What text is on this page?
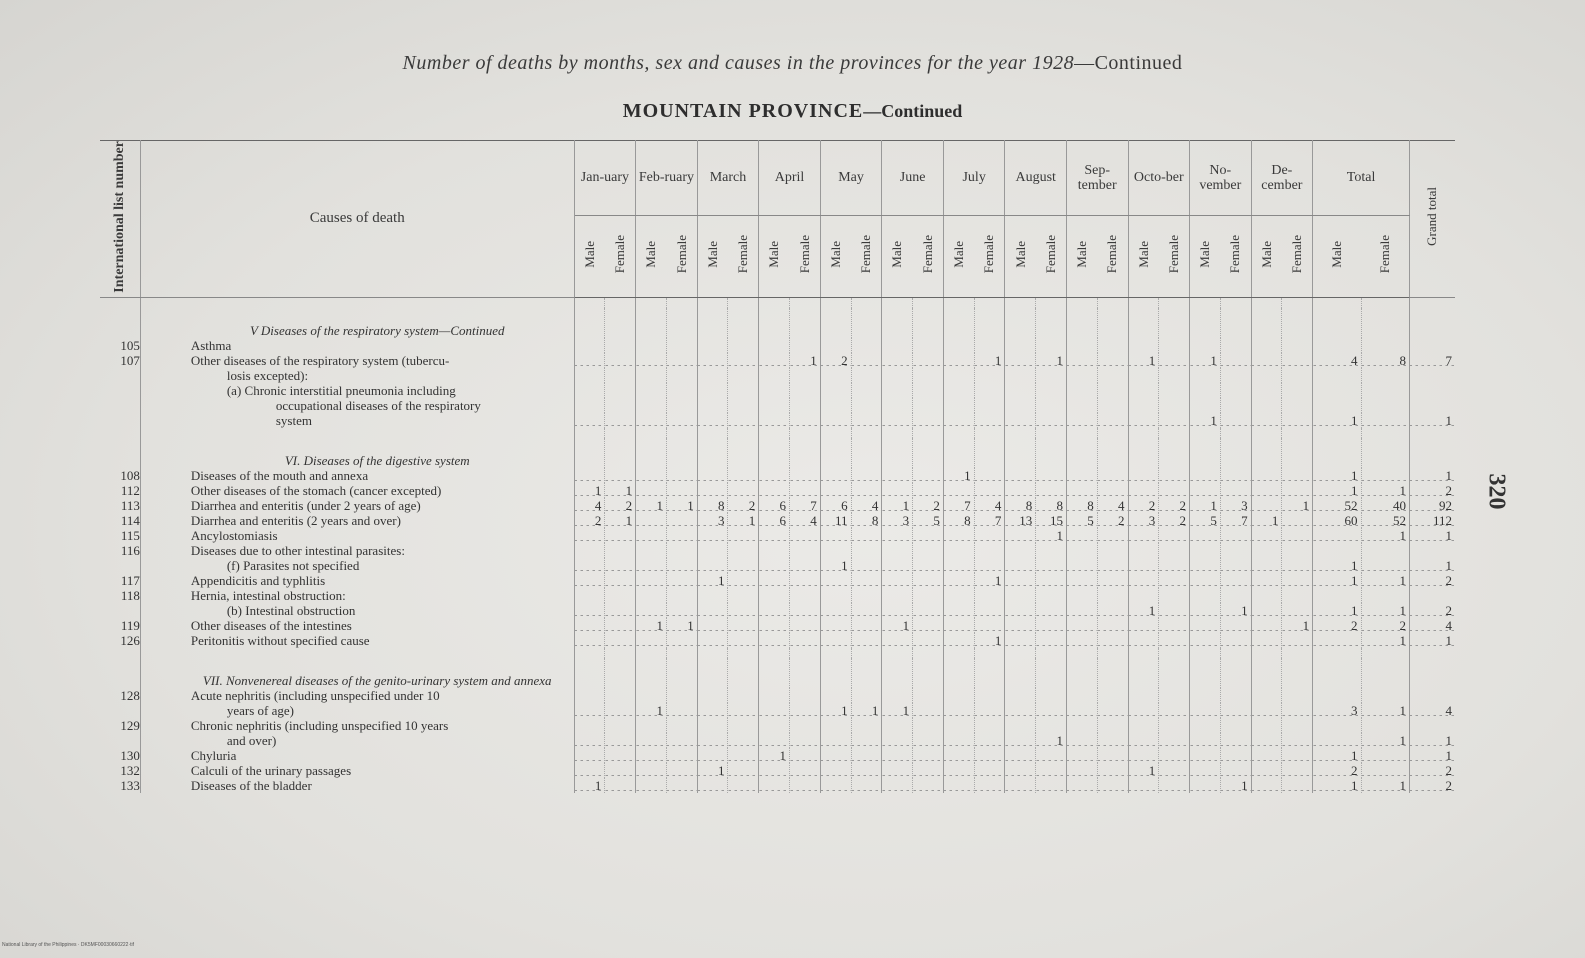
Number of deaths by months, sex and causes in the provinces for the year 1928—Continued
MOUNTAIN PROVINCE—Continued
320
National Library of the Philippines · DK5MF00030660222·tif
International list number	Causes of death	Jan-uary		Feb-ruary		March		April		May		June		July		August		Sep-tember		Octo-ber		No-vember		De-cember		Total		Grand total
		Male	Female	Male	Female	Male	Female	Male	Female	Male	Female	Male	Female	Male	Female	Male	Female	Male	Female	Male	Female	Male	Female	Male	Female	Male	Female	

	V Diseases of the respiratory system—Continued																											
105	Asthma																											
107	Other diseases of the respiratory system (tubercu-								1	2					1		1			1		1				4	8	7
	losis excepted):																											
	(a) Chronic interstitial pneumonia including																											
	occupational diseases of the respiratory																											
	system																					1				1		1

	VI. Diseases of the digestive system																											
108	Diseases of the mouth and annexa													1												1		1
112	Other diseases of the stomach (cancer excepted)	1	1																							1	1	2
113	Diarrhea and enteritis (under 2 years of age)	4	2	1	1	8	2	6	7	6	4	1	2	7	4	8	8	8	4	2	2	1	3		1	52	40	92
114	Diarrhea and enteritis (2 years and over)	2	1			3	1	6	4	11	8	3	5	8	7	13	15	5	2	3	2	5	7	1		60	52	112
115	Ancylostomiasis																1										1	1
116	Diseases due to other intestinal parasites:																											
	(f) Parasites not specified									1																1		1
117	Appendicitis and typhlitis					1									1											1	1	2
118	Hernia, intestinal obstruction:																											
	(b) Intestinal obstruction																			1			1			1	1	2
119	Other diseases of the intestines			1	1							1													1	2	2	4
126	Peritonitis without specified cause														1												1	1

	VII. Nonvenereal diseases of the genito-urinary system and annexa																											
128	Acute nephritis (including unspecified under 10																											
	years of age)			1						1	1	1														3	1	4
129	Chronic nephritis (including unspecified 10 years																											
	and over)																1										1	1
130	Chyluria							1																		1		1
132	Calculi of the urinary passages					1														1						2		2
133	Diseases of the bladder	1																					1			1	1	2
